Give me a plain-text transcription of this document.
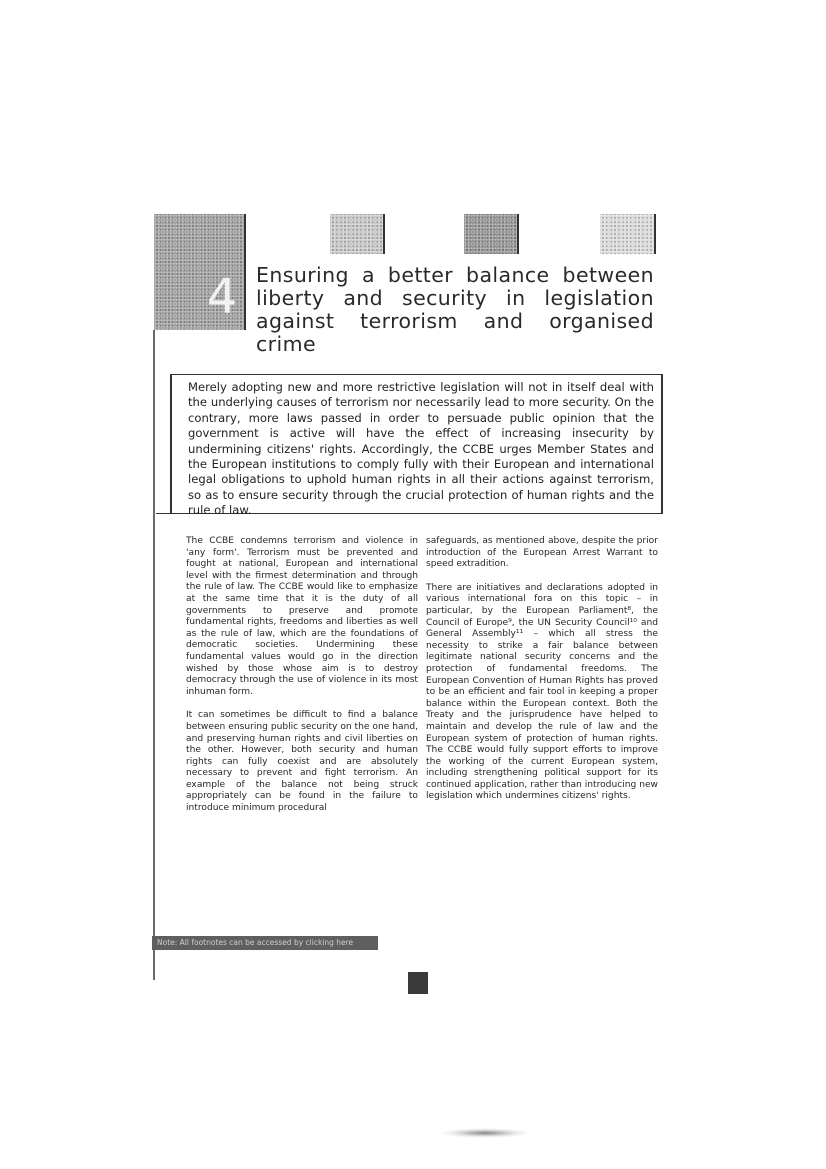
4 Ensuring a better balance between liberty and security in legislation against terrorism and organised crime
Merely adopting new and more restrictive legislation will not in itself deal with the underlying causes of terrorism nor necessarily lead to more security. On the contrary, more laws passed in order to persuade public opinion that the government is active will have the effect of increasing insecurity by undermining citizens' rights. Accordingly, the CCBE urges Member States and the European institutions to comply fully with their European and international legal obligations to uphold human rights in all their actions against terrorism, so as to ensure security through the crucial protection of human rights and the rule of law.

The CCBE condemns terrorism and violence in 'any form'. Terrorism must be prevented and fought at national, European and international level with the firmest determination and through the rule of law. The CCBE would like to emphasize at the same time that it is the duty of all governments to preserve and promote fundamental rights, freedoms and liberties as well as the rule of law, which are the foundations of democratic societies. Undermining these fundamental values would go in the direction wished by those whose aim is to destroy democracy through the use of violence in its most inhuman form.

It can sometimes be difficult to find a balance between ensuring public security on the one hand, and preserving human rights and civil liberties on the other. However, both security and human rights can fully coexist and are absolutely necessary to prevent and fight terrorism. An example of the balance not being struck appropriately can be found in the failure to introduce minimum procedural

safeguards, as mentioned above, despite the prior introduction of the European Arrest Warrant to speed extradition.

There are initiatives and declarations adopted in various international fora on this topic – in particular, by the European Parliament⁸, the Council of Europe⁹, the UN Security Council¹⁰ and General Assembly¹¹ – which all stress the necessity to strike a fair balance between legitimate national security concerns and the protection of fundamental freedoms. The European Convention of Human Rights has proved to be an efficient and fair tool in keeping a proper balance within the European context. Both the Treaty and the jurisprudence have helped to maintain and develop the rule of law and the European system of protection of human rights. The CCBE would fully support efforts to improve the working of the current European system, including strengthening political support for its continued application, rather than introducing new legislation which undermines citizens' rights.

Note: All footnotes can be accessed by clicking here
